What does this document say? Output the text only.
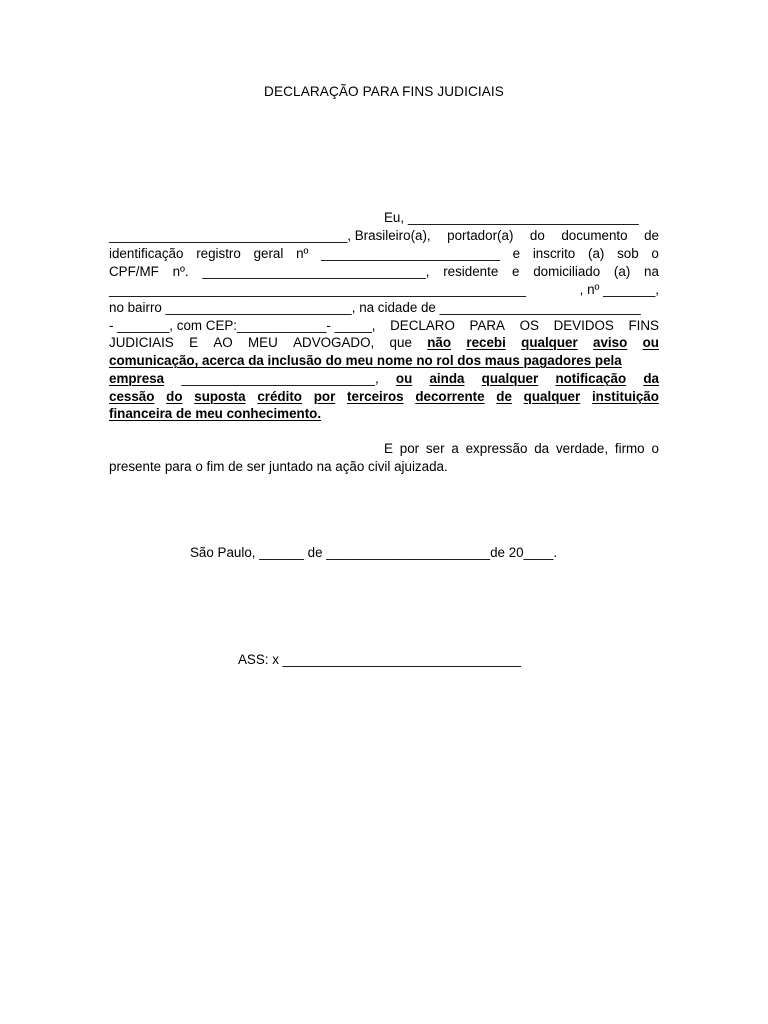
DECLARAÇÃO PARA FINS JUDICIAIS
Eu, _______________________________
________________________________, Brasileiro(a), portador(a) do documento de
identificação registro geral nº ________________________ e inscrito (a) sob o
CPF/MF nº. ______________________________, residente e domiciliado (a) na
________________________________________________________	, nº _______,
no bairro _________________________, na cidade de ___________________________
- _______, com CEP:____________- _____, DECLARO PARA OS DEVIDOS FINS
JUDICIAIS E AO MEU ADVOGADO, que não recebi qualquer aviso ou
comunicação, acerca da inclusão do meu nome no rol dos maus pagadores pela
empresa __________________________, ou ainda qualquer notificação da
cessão do suposta crédito por terceiros decorrente de qualquer instituição
financeira de meu conhecimento.
E por ser a expressão da verdade, firmo o
presente para o fim de ser juntado na ação civil ajuizada.
São Paulo, ______ de ______________________de 20____.
ASS: x ________________________________
